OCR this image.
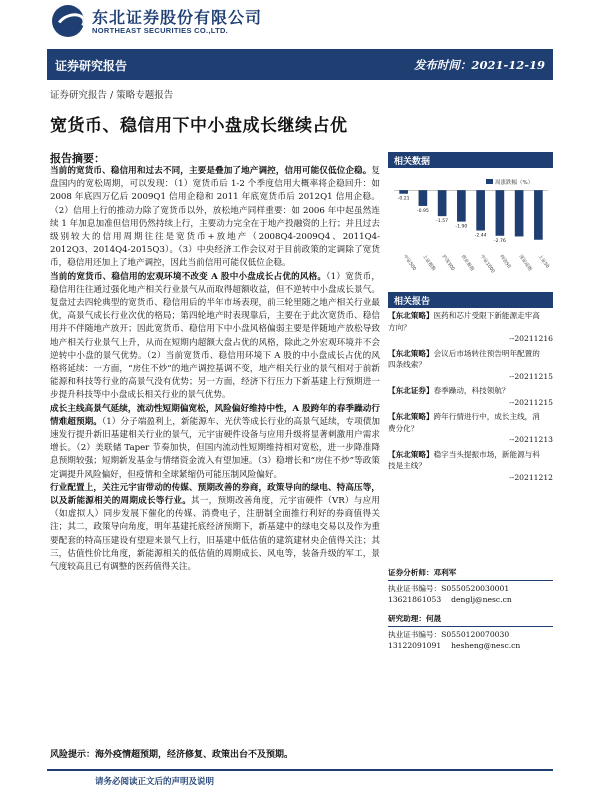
东北证券股份有限公司
NORTHEAST SECURITIES CO.,LTD.
证券研究报告	发布时间：2021-12-19
证券研究报告 / 策略专题报告
宽货币、稳信用下中小盘成长继续占优
报告摘要：

当前的宽货币、稳信用和过去不同，主要是叠加了地产调控，信用可能仅低位企稳。复盘国内的宽松周期，可以发现：（1）宽货币后 1-2 个季度信用大概率将企稳回升：如 2008 年底四万亿后 2009Q1 信用企稳和 2011 年底宽货币后 2012Q1 信用企稳。（2）信用上行的推动力除了宽货币以外，放松地产同样重要：如 2006 年中起虽然连续 1 年加息加准但信用仍然持续上行，主要动力完全在于地产投融资的上行；并且过去级别较大的信用周期往往是宽货币+放地产（2008Q4-2009Q4、2011Q4-2012Q3、2014Q4-2015Q3）。（3）中央经济工作会议对于目前政策的定调除了宽货币，稳信用还加上了地产调控，因此当前信用可能仅低位企稳。

当前的宽货币、稳信用的宏观环境不改变 A 股中小盘成长占优的风格。（1）宽货币，稳信用往往通过强化地产相关行业景气从而取得超额收益，但不逆转中小盘成长景气。复盘过去四轮典型的宽货币、稳信用后的半年市场表现，前三轮里随之地产相关行业最优，高景气成长行业次优的格局；第四轮地产时表现靠后，主要在于此次宽货币、稳信用并不伴随地产放开；因此宽货币、稳信用下中小盘风格偏弱主要是伴随地产放松导致地产相关行业景气上升，从而在短期内超额大盘占优的风格，除此之外宏观环境并不会逆转中小盘的景气优势。（2）当前宽货币、稳信用环境下 A 股的中小盘成长占优的风格将延续：一方面，“房住不炒”的地产调控基调不变，地产相关行业的景气相对于前新能源和科技等行业的高景气没有优势；另一方面，经济下行压力下新基建上行预期进一步提升科技等中小盘成长相关行业的景气优势。

成长主线高景气延续，流动性短期偏宽松，风险偏好维持中性，A 股跨年的春季躁动行情难超预期。（1）分子端盈利上，新能源车、光伏等成长行业的高景气延续，专项债加速发行提升新旧基建相关行业的景气，元宇宙硬件设备与应用升级将显著刺激用户需求增长。（2）美联储 Taper 节奏加快，但国内流动性短期维持相对宽松，进一步降准降息预期较强；短期新发基金与情绪资金流入有望加速。（3）稳增长和“房住不炒”等政策定调提升风险偏好，但疫情和全球紧缩仍可能压制风险偏好。

行业配置上，关注元宇宙带动的传媒、预期改善的券商，政策导向的绿电、特高压等，以及新能源相关的周期成长等行业。其一，预期改善角度，元宇宙硬件（VR）与应用（如虚拟人）同步发展下催化的传媒、消费电子，注册制全面推行利好的券商值得关注；其二，政策导向角度，明年基建托底经济预期下，新基建中的绿电交易以及作为重要配套的特高压建设有望迎来景气上行，旧基建中低估值的建筑建材央企值得关注；其三，估值性价比角度，新能源相关的低估值的周期成长、风电等，装备升级的军工，景气度较高且已有调整的医药值得关注。

风险提示：海外疫情超预期，经济修复、政策出台不及预期。
相关数据
周涨跌幅（%）
-0.21
中证500
-0.95
上证指数
-1.57
沪深300
-1.90
创业板指
-2.44
中证1000
-2.76
科创50	深证成指	上证50
相关报告
【东北策略】医药和芯片受限下新能源走牢高
方向？
--20211216
【东北策略】会议后市场转往预告明年配置的
四条线索？
--20211215
【东北证券】春季躁动，科技领航？
--20211215
【东北策略】跨年行情进行中，成长主线，消
费分化？
--20211213
【东北策略】稳字当头提振市场，新能源与科
技是主线？
--20211212
证券分析师：邓利军
执业证书编号：S0550520030001
13621861053 denglj@nesc.cn
研究助理：何晟
执业证书编号：S0550120070030
13122091091 hesheng@nesc.cn
请务必阅读正文后的声明及说明
